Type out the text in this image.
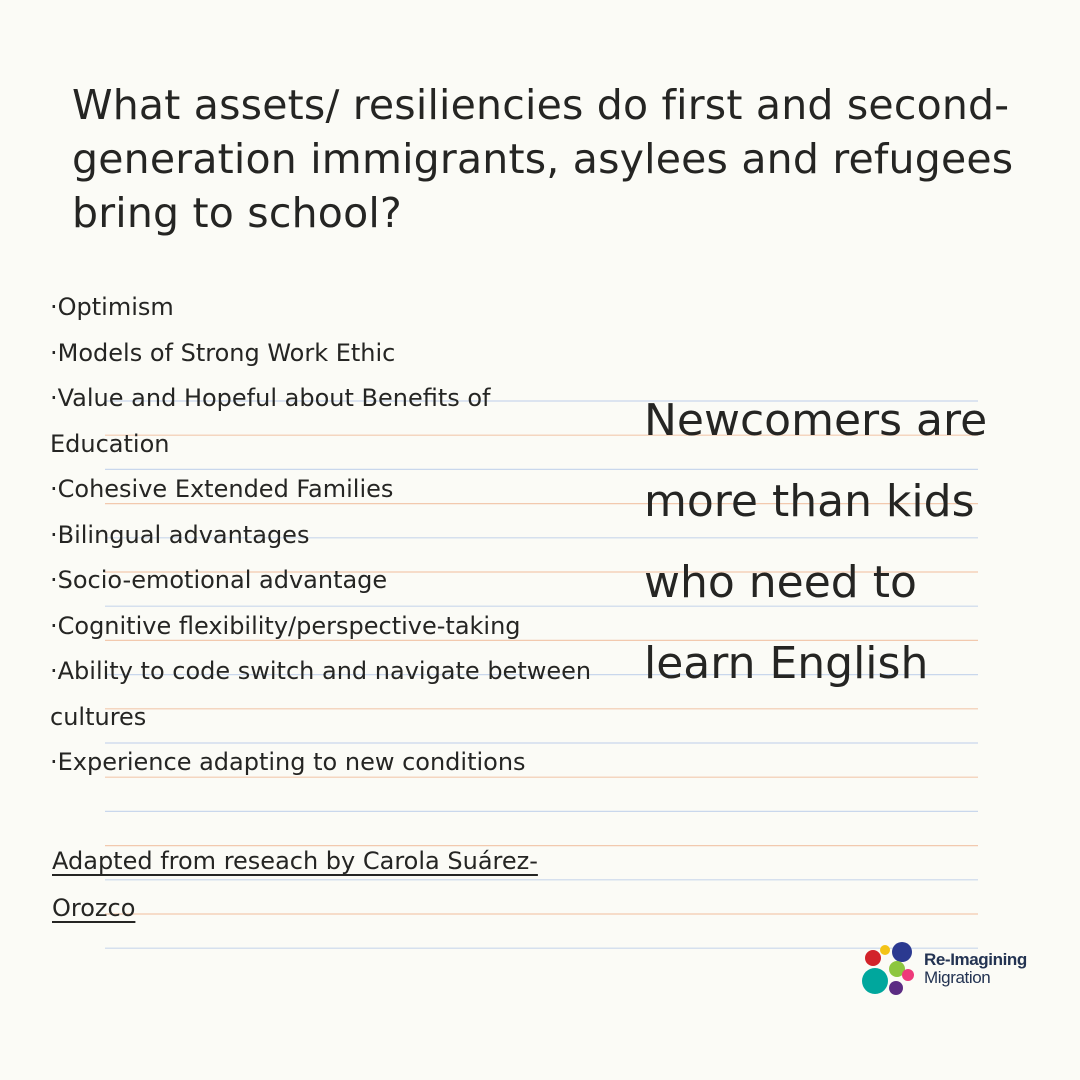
What assets/ resiliencies do first and second-generation immigrants, asylees and refugees bring to school?
·Optimism
·Models of Strong Work Ethic
·Value and Hopeful about Benefits of Education
·Cohesive Extended Families
·Bilingual advantages
·Socio-emotional advantage
·Cognitive flexibility/perspective-taking
·Ability to code switch and navigate between cultures
·Experience adapting to new conditions

Newcomers are more than kids who need to learn English

Adapted from reseach by Carola Suárez-Orozco

Re-Imagining
Migration
